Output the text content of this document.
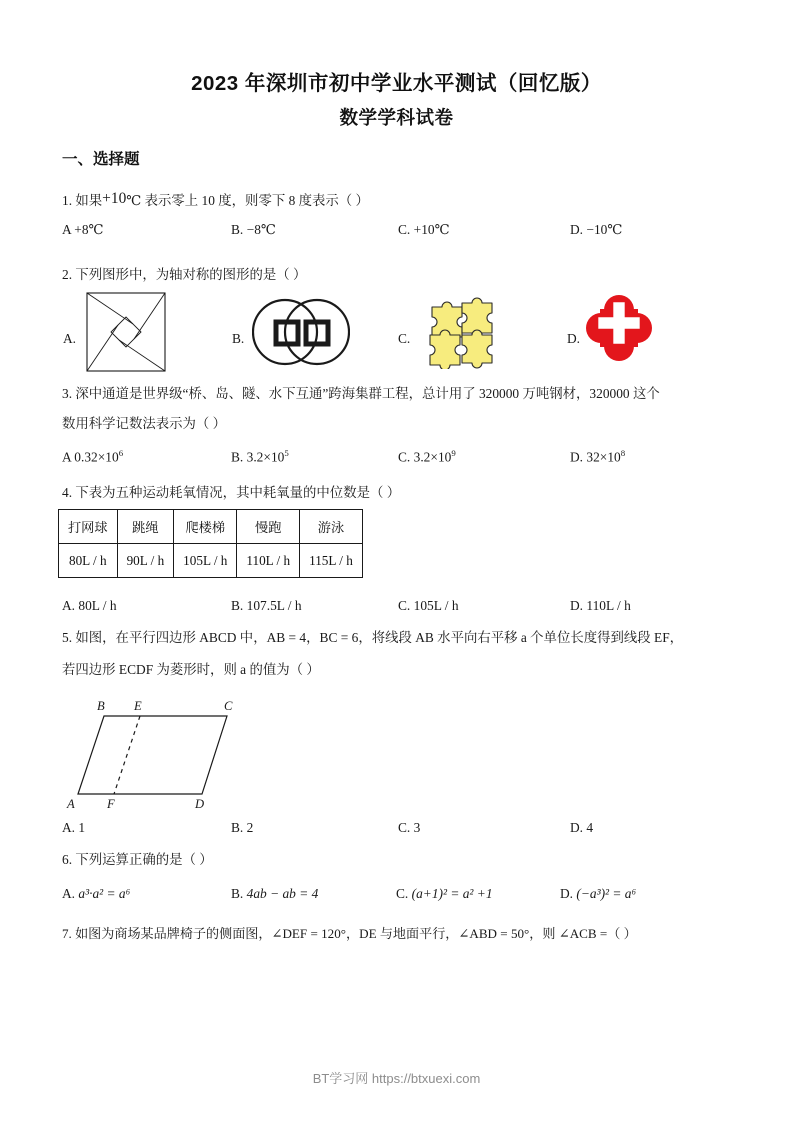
2023 年深圳市初中学业水平测试（回忆版）
数学学科试卷
一、选择题
1. 如果+10℃ 表示零上 10 度，则零下 8 度表示（ ）
A +8℃	B. −8℃	C. +10℃	D. −10℃
2. 下列图形中，为轴对称的图形的是（ ）
A.	B.	C.	D.
3. 深中通道是世界级“桥、岛、隧、水下互通”跨海集群工程，总计用了 320000 万吨钢材，320000 这个
数用科学记数法表示为（ ）
A $0.32\times 10^6$	B. $3.2\times 10^5$	C. $3.2\times 10^9$	D. $32\times 10^8$
4. 下表为五种运动耗氧情况，其中耗氧量的中位数是（ ）
打网球	跳绳	爬楼梯	慢跑	游泳
80L / h	90L / h	105L / h	110L / h	115L / h
A. 80L / h	B. 107.5L / h	C. 105L / h	D. 110L / h
5. 如图，在平行四边形 ABCD 中，AB = 4，BC = 6，将线段 AB 水平向右平移 a 个单位长度得到线段 EF，
若四边形 ECDF 为菱形时，则 a 的值为（ ）
B E	C
A	F	D
A. 1	B. 2	C. 3	D. 4
6. 下列运算正确的是（ ）
A. a³·a² = a⁶	B. 4ab − ab = 4	C. (a+1)² = a² +1	D. (−a³)² = a⁶
7. 如图为商场某品牌椅子的侧面图，∠DEF = 120°，DE 与地面平行，∠ABD = 50°，则 ∠ACB =（ ）
BT学习网 https://btxuexi.com
